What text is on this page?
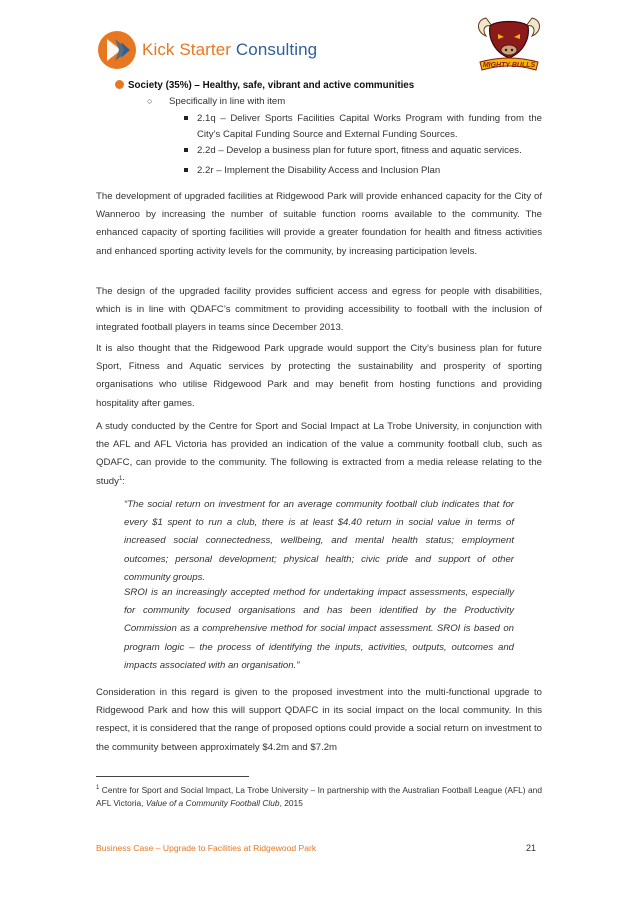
Kick Starter Consulting
MIGHTY BULLS
Society (35%) – Healthy, safe, vibrant and active communities
○ Specifically in line with item
2.1q – Deliver Sports Facilities Capital Works Program with funding from the City’s Capital Funding Source and External Funding Sources.
2.2d – Develop a business plan for future sport, fitness and aquatic services.
2.2r – Implement the Disability Access and Inclusion Plan

The development of upgraded facilities at Ridgewood Park will provide enhanced capacity for the City of Wanneroo by increasing the number of suitable function rooms available to the community. The enhanced capacity of sporting facilities will provide a greater foundation for health and fitness activities and enhanced sporting activity levels for the community, by increasing participation levels.

The design of the upgraded facility provides sufficient access and egress for people with disabilities, which is in line with QDAFC’s commitment to providing accessibility to football with the inclusion of integrated football players in teams since December 2013.

It is also thought that the Ridgewood Park upgrade would support the City’s business plan for future Sport, Fitness and Aquatic services by protecting the sustainability and prosperity of sporting organisations who utilise Ridgewood Park and may benefit from hosting functions and providing hospitality after games.

A study conducted by the Centre for Sport and Social Impact at La Trobe University, in conjunction with the AFL and AFL Victoria has provided an indication of the value a community football club, such as QDAFC, can provide to the community. The following is extracted from a media release relating to the study$^1$:

“The social return on investment for an average community football club indicates that for every $1 spent to run a club, there is at least $4.40 return in social value in terms of increased social connectedness, wellbeing, and mental health status; employment outcomes; personal development; physical health; civic pride and support of other community groups.

SROI is an increasingly accepted method for undertaking impact assessments, especially for community focused organisations and has been identified by the Productivity Commission as a comprehensive method for social impact assessment. SROI is based on program logic – the process of identifying the inputs, activities, outputs, outcomes and impacts associated with an organisation.”

Consideration in this regard is given to the proposed investment into the multi-functional upgrade to Ridgewood Park and how this will support QDAFC in its social impact on the local community. In this respect, it is considered that the range of proposed options could provide a social return on investment to the community between approximately $4.2m and $7.2m

$^1$ Centre for Sport and Social Impact, La Trobe University – In partnership with the Australian Football League (AFL) and AFL Victoria, Value of a Community Football Club, 2015
Business Case – Upgrade to Facilities at Ridgewood Park	21
